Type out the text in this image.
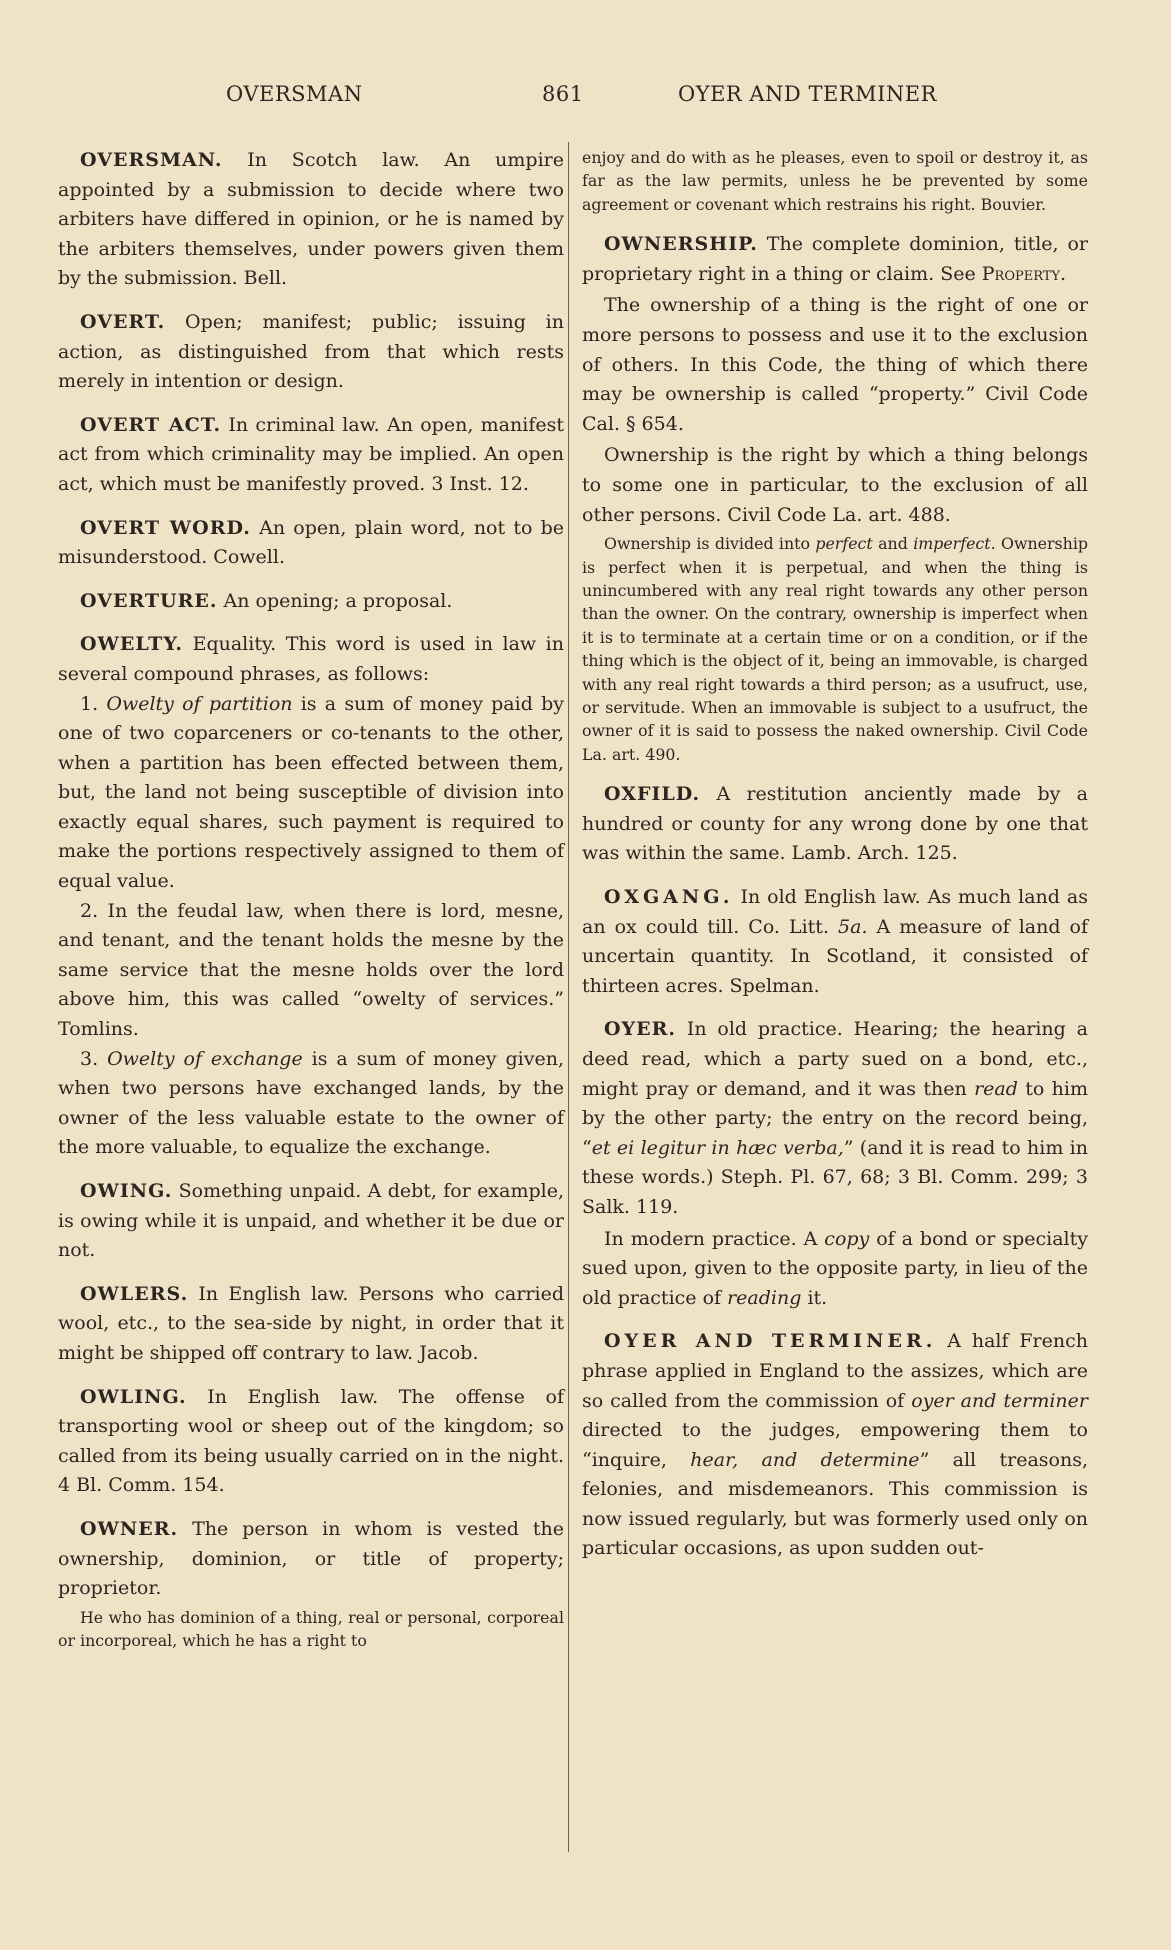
OVERSMAN	861	OYER AND TERMINER

OVERSMAN. In Scotch law. An umpire appointed by a submission to decide where two arbiters have differed in opinion, or he is named by the arbiters themselves, under powers given them by the submission. Bell.

OVERT. Open; manifest; public; issuing in action, as distinguished from that which rests merely in intention or design.

OVERT ACT. In criminal law. An open, manifest act from which criminality may be implied. An open act, which must be manifestly proved. 3 Inst. 12.

OVERT WORD. An open, plain word, not to be misunderstood. Cowell.

OVERTURE. An opening; a proposal.

OWELTY. Equality. This word is used in law in several compound phrases, as follows:

1. Owelty of partition is a sum of money paid by one of two coparceners or co-tenants to the other, when a partition has been effected between them, but, the land not being susceptible of division into exactly equal shares, such payment is required to make the portions respectively assigned to them of equal value.

2. In the feudal law, when there is lord, mesne, and tenant, and the tenant holds the mesne by the same service that the mesne holds over the lord above him, this was called “owelty of services.” Tomlins.

3. Owelty of exchange is a sum of money given, when two persons have exchanged lands, by the owner of the less valuable estate to the owner of the more valuable, to equalize the exchange.

OWING. Something unpaid. A debt, for example, is owing while it is unpaid, and whether it be due or not.

OWLERS. In English law. Persons who carried wool, etc., to the sea-side by night, in order that it might be shipped off contrary to law. Jacob.

OWLING. In English law. The offense of transporting wool or sheep out of the kingdom; so called from its being usually carried on in the night. 4 Bl. Comm. 154.

OWNER. The person in whom is vested the ownership, dominion, or title of property; proprietor.

He who has dominion of a thing, real or personal, corporeal or incorporeal, which he has a right to

enjoy and do with as he pleases, even to spoil or destroy it, as far as the law permits, unless he be prevented by some agreement or covenant which restrains his right. Bouvier.

OWNERSHIP. The complete dominion, title, or proprietary right in a thing or claim. See Property.

The ownership of a thing is the right of one or more persons to possess and use it to the exclusion of others. In this Code, the thing of which there may be ownership is called “property.” Civil Code Cal. § 654.

Ownership is the right by which a thing belongs to some one in particular, to the exclusion of all other persons. Civil Code La. art. 488.

Ownership is divided into perfect and imperfect. Ownership is perfect when it is perpetual, and when the thing is unincumbered with any real right towards any other person than the owner. On the contrary, ownership is imperfect when it is to terminate at a certain time or on a condition, or if the thing which is the object of it, being an immovable, is charged with any real right towards a third person; as a usufruct, use, or servitude. When an immovable is subject to a usufruct, the owner of it is said to possess the naked ownership. Civil Code La. art. 490.

OXFILD. A restitution anciently made by a hundred or county for any wrong done by one that was within the same. Lamb. Arch. 125.

OXGANG. In old English law. As much land as an ox could till. Co. Litt. 5a. A measure of land of uncertain quantity. In Scotland, it consisted of thirteen acres. Spelman.

OYER. In old practice. Hearing; the hearing a deed read, which a party sued on a bond, etc., might pray or demand, and it was then read to him by the other party; the entry on the record being, “et ei legitur in hæc verba,” (and it is read to him in these words.) Steph. Pl. 67, 68; 3 Bl. Comm. 299; 3 Salk. 119.

In modern practice. A copy of a bond or specialty sued upon, given to the opposite party, in lieu of the old practice of reading it.

OYER AND TERMINER. A half French phrase applied in England to the assizes, which are so called from the commission of oyer and terminer directed to the judges, empowering them to “inquire, hear, and determine” all treasons, felonies, and misdemeanors. This commission is now issued regularly, but was formerly used only on particular occasions, as upon sudden out-
